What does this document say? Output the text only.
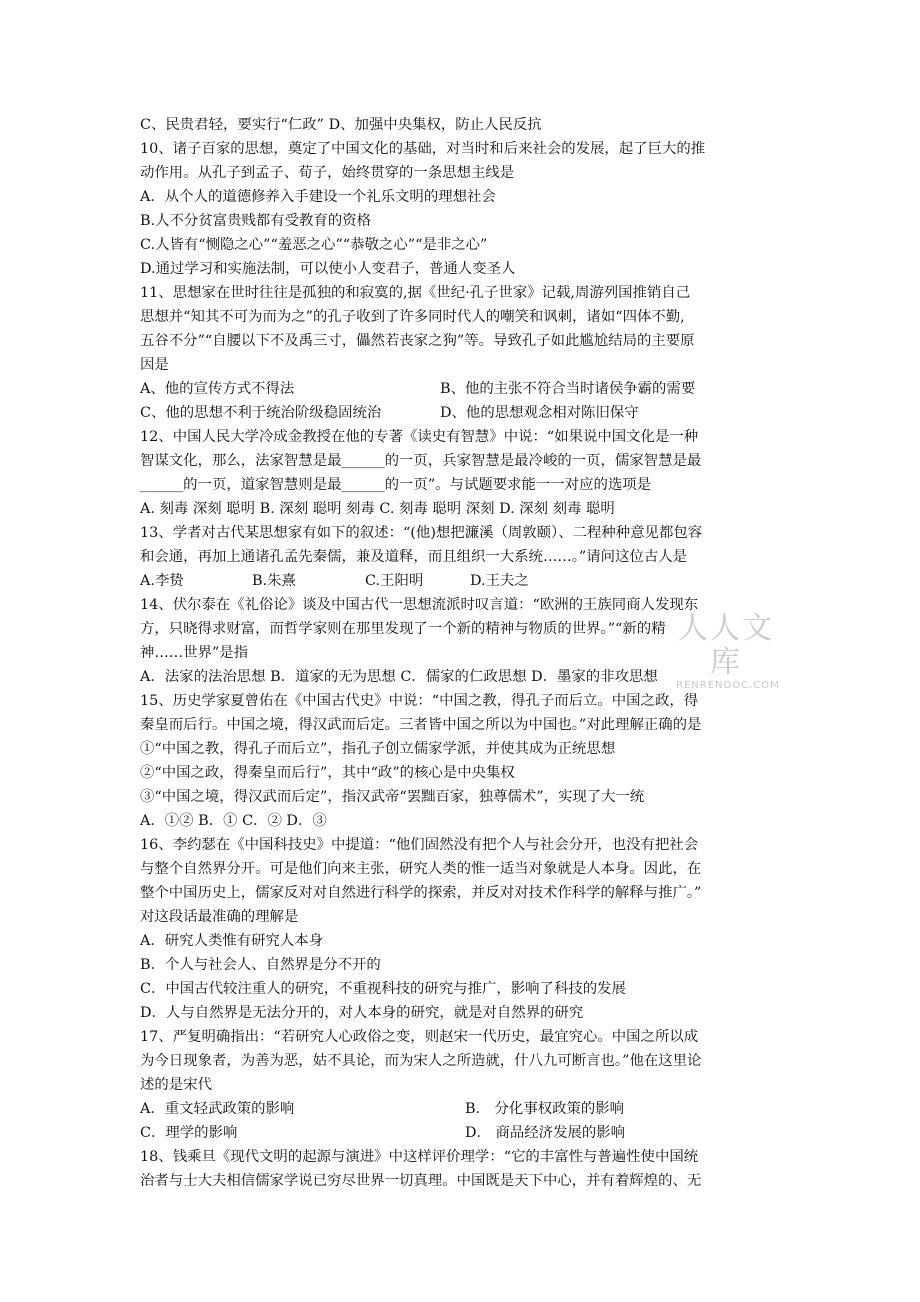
C、民贵君轻，要实行“仁政” D、加强中央集权，防止人民反抗
10、诸子百家的思想，奠定了中国文化的基础，对当时和后来社会的发展，起了巨大的推
动作用。从孔子到孟子、荀子，始终贯穿的一条思想主线是
A．从个人的道德修养入手建设一个礼乐文明的理想社会
B.人不分贫富贵贱都有受教育的资格
C.人皆有“恻隐之心”“羞恶之心”“恭敬之心”“是非之心”
D.通过学习和实施法制，可以使小人变君子，普通人变圣人
11、思想家在世时往往是孤独的和寂寞的,据《世纪·孔子世家》记载,周游列国推销自己
思想并“知其不可为而为之”的孔子收到了许多同时代人的嘲笑和讽刺，诸如“四体不勤,
五谷不分”“自腰以下不及禹三寸，儡然若丧家之狗”等。导致孔子如此尴尬结局的主要原
因是
A、他的宣传方式不得法	B、他的主张不符合当时诸侯争霸的需要
C、他的思想不利于统治阶级稳固统治	D、他的思想观念相对陈旧保守
12、中国人民大学冷成金教授在他的专著《读史有智慧》中说：“如果说中国文化是一种
智谋文化，那么，法家智慧是最______的一页，兵家智慧是最冷峻的一页，儒家智慧是最
______的一页，道家智慧则是最______的一页”。与试题要求能一一对应的选项是
A. 刻毒 深刻 聪明 B. 深刻 聪明 刻毒 C. 刻毒 聪明 深刻 D. 深刻 刻毒 聪明
13、学者对古代某思想家有如下的叙述：“(他)想把濂溪（周敦颐）、二程种种意见都包容
和会通，再加上通诸孔孟先秦儒，兼及道释，而且组织一大系统……。”请问这位古人是
A.李贽	B.朱熹	C.王阳明	D.王夫之
14、伏尔泰在《礼俗论》谈及中国古代一思想流派时叹言道：“欧洲的王族同商人发现东
方，只晓得求财富，而哲学家则在那里发现了一个新的精神与物质的世界。”“新的精
神……世界”是指
A．法家的法治思想 B．道家的无为思想 C．儒家的仁政思想 D．墨家的非攻思想
人人文库
RENRENDOC.COM
15、历史学家夏曾佑在《中国古代史》中说：“中国之教，得孔子而后立。中国之政，得
秦皇而后行。中国之境，得汉武而后定。三者皆中国之所以为中国也。”对此理解正确的是
①“中国之教，得孔子而后立”，指孔子创立儒家学派，并使其成为正统思想
②“中国之政，得秦皇而后行”，其中“政”的核心是中央集权
③“中国之境，得汉武而后定”，指汉武帝“罢黜百家，独尊儒术”，实现了大一统
A．①② B．① C．② D．③
16、李约瑟在《中国科技史》中提道：“他们固然没有把个人与社会分开，也没有把社会
与整个自然界分开。可是他们向来主张，研究人类的惟一适当对象就是人本身。因此，在
整个中国历史上，儒家反对对自然进行科学的探索，并反对对技术作科学的解释与推广。”
对这段话最准确的理解是
A．研究人类惟有研究人本身
B．个人与社会人、自然界是分不开的
C．中国古代较注重人的研究，不重视科技的研究与推广，影响了科技的发展
D．人与自然界是无法分开的，对人本身的研究，就是对自然界的研究
17、严复明确指出：“若研究人心政俗之变，则赵宋一代历史，最宜究心。中国之所以成
为今日现象者，为善为恶，姑不具论，而为宋人之所造就，什八九可断言也。”他在这里论
述的是宋代
A．重文轻武政策的影响	B． 分化事权政策的影响
C．理学的影响	D． 商品经济发展的影响
18、钱乘旦《现代文明的起源与演进》中这样评价理学：“它的丰富性与普遍性使中国统
治者与士大夫相信儒家学说已穷尽世界一切真理。中国既是天下中心，并有着辉煌的、无
